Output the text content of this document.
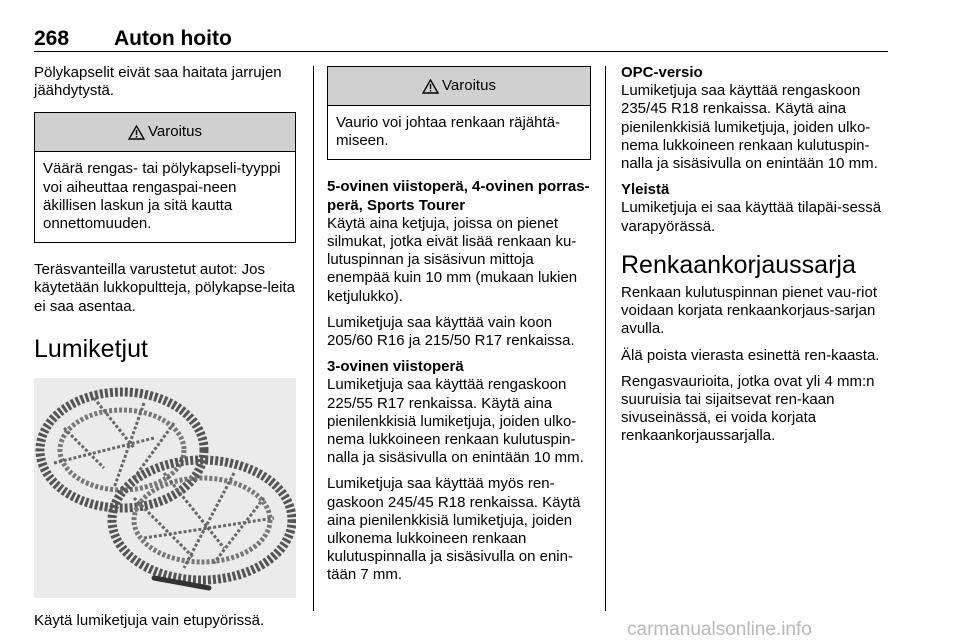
268 Auton hoito

Pölykapselit eivät saa haitata jarrujen jäähdytystä.

Varoitus
Väärä rengas- tai pölykapseli-tyyppi voi aiheuttaa rengaspai-neen äkillisen laskun ja sitä kautta onnettomuuden.

Teräsvanteilla varustetut autot: Jos käytetään lukkopultteja, pölykapse-leita ei saa asentaa.

Lumiketjut

Käytä lumiketjuja vain etupyörissä.

Varoitus
Vaurio voi johtaa renkaan räjähtä-miseen.

5-ovinen viistoperä, 4-ovinen porras-perä, Sports Tourer

Käytä aina ketjuja, joissa on pienet silmukat, jotka eivät lisää renkaan ku-lutuspinnan ja sisäsivun mittoja enempää kuin 10 mm (mukaan lukien ketjulukko).

Lumiketjuja saa käyttää vain koon 205/60 R16 ja 215/50 R17 renkaissa.

3-ovinen viistoperä

Lumiketjuja saa käyttää rengaskoon 225/55 R17 renkaissa. Käytä aina pienilenkkisiä lumiketjuja, joiden ulko-nema lukkoineen renkaan kulutuspin-nalla ja sisäsivulla on enintään 10 mm.

Lumiketjuja saa käyttää myös ren-gaskoon 245/45 R18 renkaissa. Käytä aina pienilenkkisiä lumiketjuja, joiden ulkonema lukkoineen renkaan kulutuspinnalla ja sisäsivulla on enin-tään 7 mm.

OPC-versio

Lumiketjuja saa käyttää rengaskoon 235/45 R18 renkaissa. Käytä aina pienilenkkisiä lumiketjuja, joiden ulko-nema lukkoineen renkaan kulutuspin-nalla ja sisäsivulla on enintään 10 mm.

Yleistä

Lumiketjuja ei saa käyttää tilapäi-sessä varapyörässä.

Renkaankorjaussarja

Renkaan kulutuspinnan pienet vau-riot voidaan korjata renkaankorjaus-sarjan avulla.

Älä poista vierasta esinettä ren-kaasta.

Rengasvaurioita, jotka ovat yli 4 mm:n suuruisia tai sijaitsevat ren-kaan sivuseinässä, ei voida korjata renkaankorjaussarjalla.

carmanualsonline.info
